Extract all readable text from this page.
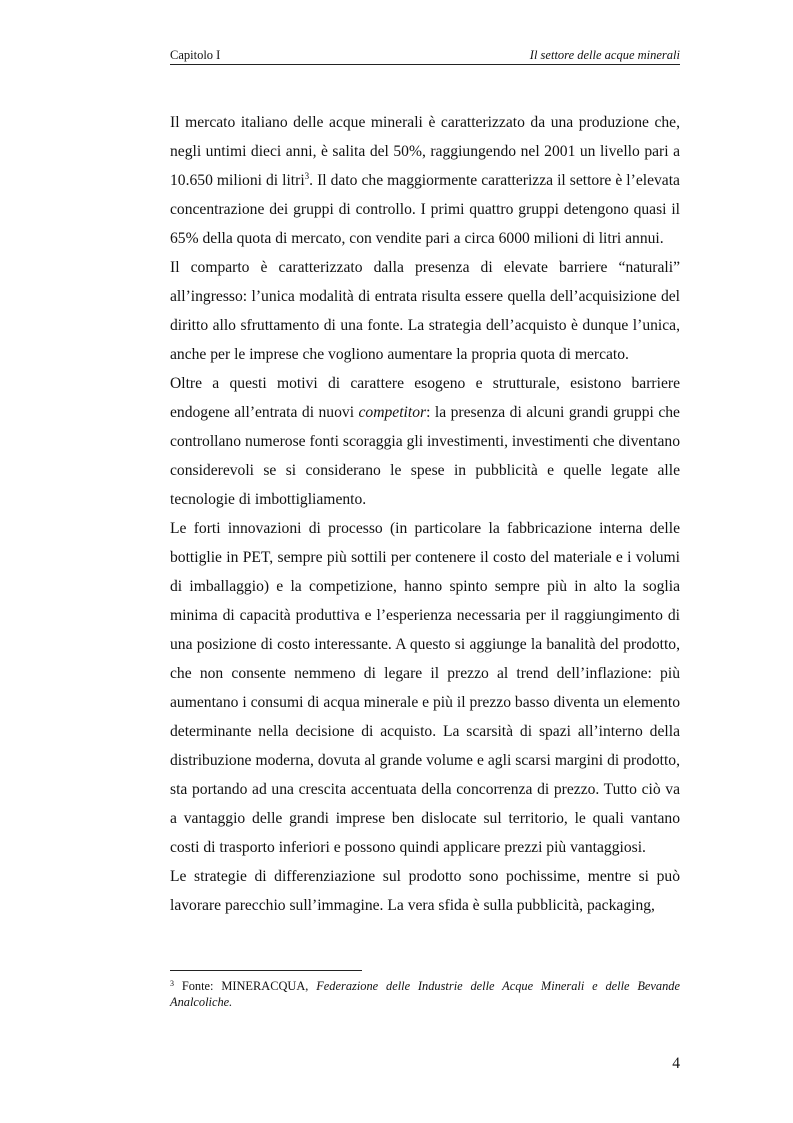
Capitolo I	Il settore delle acque minerali

Il mercato italiano delle acque minerali è caratterizzato da una produzione che, negli untimi dieci anni, è salita del 50%, raggiungendo nel 2001 un livello pari a 10.650 milioni di litri$^3$. Il dato che maggiormente caratterizza il settore è l’elevata concentrazione dei gruppi di controllo. I primi quattro gruppi detengono quasi il 65% della quota di mercato, con vendite pari a circa 6000 milioni di litri annui.

Il comparto è caratterizzato dalla presenza di elevate barriere “naturali” all’ingresso: l’unica modalità di entrata risulta essere quella dell’acquisizione del diritto allo sfruttamento di una fonte. La strategia dell’acquisto è dunque l’unica, anche per le imprese che vogliono aumentare la propria quota di mercato.

Oltre a questi motivi di carattere esogeno e strutturale, esistono barriere endogene all’entrata di nuovi competitor: la presenza di alcuni grandi gruppi che controllano numerose fonti scoraggia gli investimenti, investimenti che diventano considerevoli se si considerano le spese in pubblicità e quelle legate alle tecnologie di imbottigliamento.

Le forti innovazioni di processo (in particolare la fabbricazione interna delle bottiglie in PET, sempre più sottili per contenere il costo del materiale e i volumi di imballaggio) e la competizione, hanno spinto sempre più in alto la soglia minima di capacità produttiva e l’esperienza necessaria per il raggiungimento di una posizione di costo interessante. A questo si aggiunge la banalità del prodotto, che non consente nemmeno di legare il prezzo al trend dell’inflazione: più aumentano i consumi di acqua minerale e più il prezzo basso diventa un elemento determinante nella decisione di acquisto. La scarsità di spazi all’interno della distribuzione moderna, dovuta al grande volume e agli scarsi margini di prodotto, sta portando ad una crescita accentuata della concorrenza di prezzo. Tutto ciò va a vantaggio delle grandi imprese ben dislocate sul territorio, le quali vantano costi di trasporto inferiori e possono quindi applicare prezzi più vantaggiosi.

Le strategie di differenziazione sul prodotto sono pochissime, mentre si può lavorare parecchio sull’immagine. La vera sfida è sulla pubblicità, packaging,

$^3$ Fonte: MINERACQUA, Federazione delle Industrie delle Acque Minerali e delle Bevande Analcoliche.
4
